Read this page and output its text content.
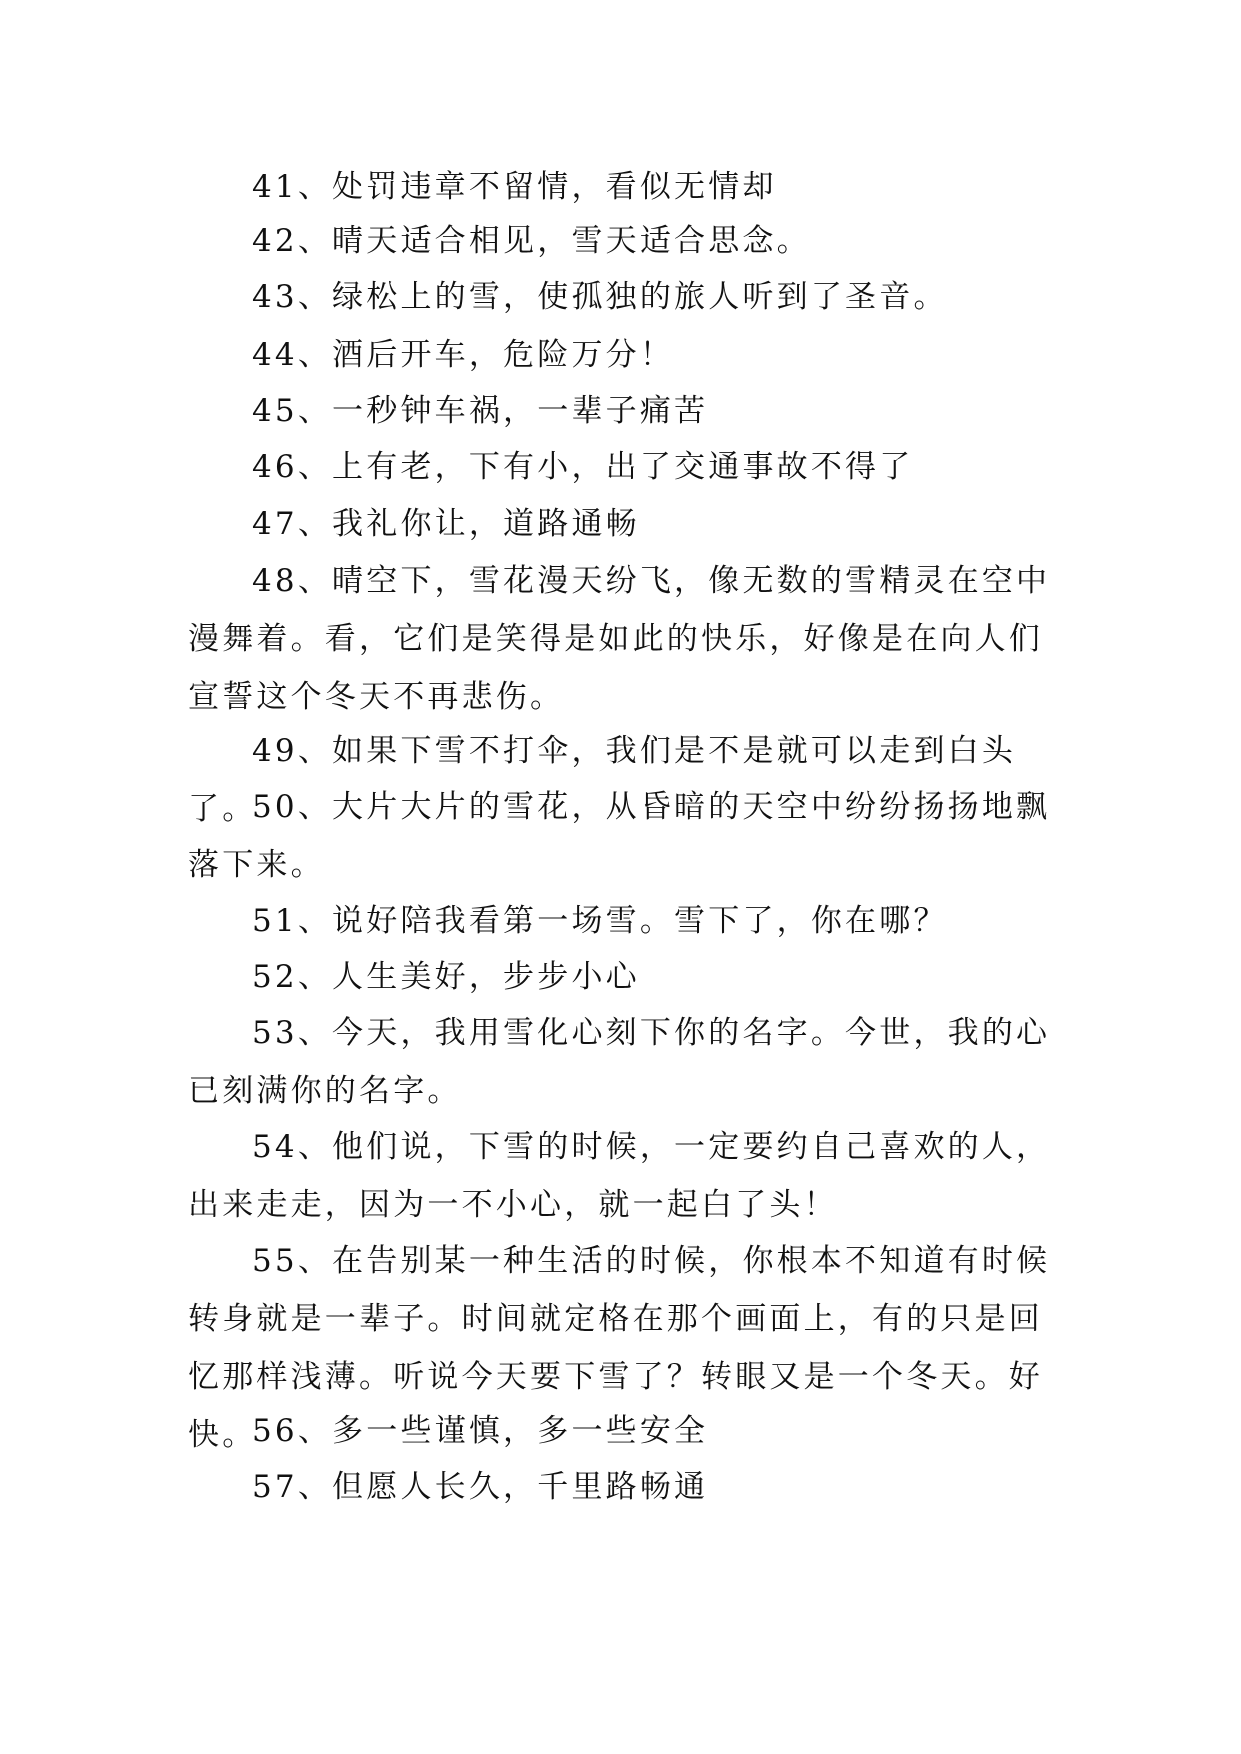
41、处罚违章不留情，看似无情却

42、晴天适合相见，雪天适合思念。

43、绿松上的雪，使孤独的旅人听到了圣音。

44、酒后开车，危险万分！

45、一秒钟车祸，一辈子痛苦

46、上有老，下有小，出了交通事故不得了

47、我礼你让，道路通畅

48、晴空下，雪花漫天纷飞，像无数的雪精灵在空中漫舞着。看，它们是笑得是如此的快乐，好像是在向人们宣誓这个冬天不再悲伤。

49、如果下雪不打伞，我们是不是就可以走到白头了。

50、大片大片的雪花，从昏暗的天空中纷纷扬扬地飘落下来。

51、说好陪我看第一场雪。雪下了，你在哪？

52、人生美好，步步小心

53、今天，我用雪化心刻下你的名字。今世，我的心已刻满你的名字。

54、他们说，下雪的时候，一定要约自己喜欢的人，出来走走，因为一不小心，就一起白了头！

55、在告别某一种生活的时候，你根本不知道有时候转身就是一辈子。时间就定格在那个画面上，有的只是回忆那样浅薄。听说今天要下雪了？转眼又是一个冬天。好快。

56、多一些谨慎，多一些安全

57、但愿人长久，千里路畅通
